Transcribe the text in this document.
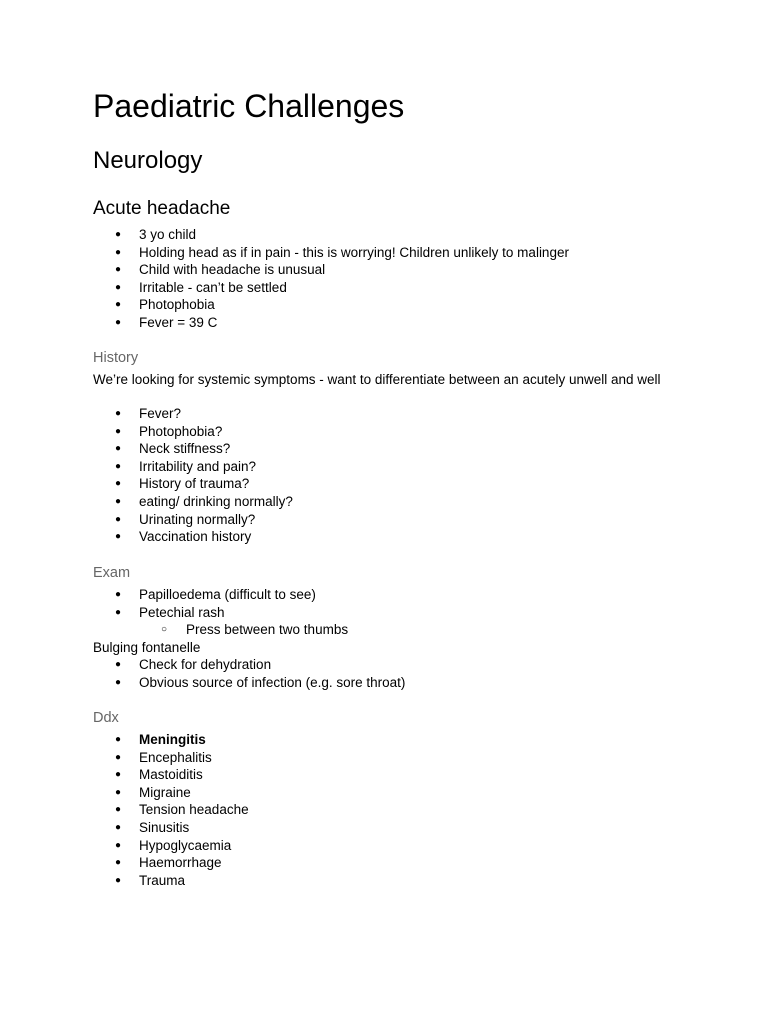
Paediatric Challenges
Neurology
Acute headache
● 3 yo child
● Holding head as if in pain - this is worrying! Children unlikely to malinger
● Child with headache is unusual
● Irritable - can’t be settled
● Photophobia
● Fever = 39 C
History

We’re looking for systemic symptoms - want to differentiate between an acutely unwell and well

● Fever?
● Photophobia?
● Neck stiffness?
● Irritability and pain?
● History of trauma?
● eating/ drinking normally?
● Urinating normally?
● Vaccination history
Exam
● Papilloedema (difficult to see)
● Petechial rash
○ Press between two thumbs

Bulging fontanelle

● Check for dehydration
● Obvious source of infection (e.g. sore throat)
Ddx
● Meningitis
● Encephalitis
● Mastoiditis
● Migraine
● Tension headache
● Sinusitis
● Hypoglycaemia
● Haemorrhage
● Trauma
